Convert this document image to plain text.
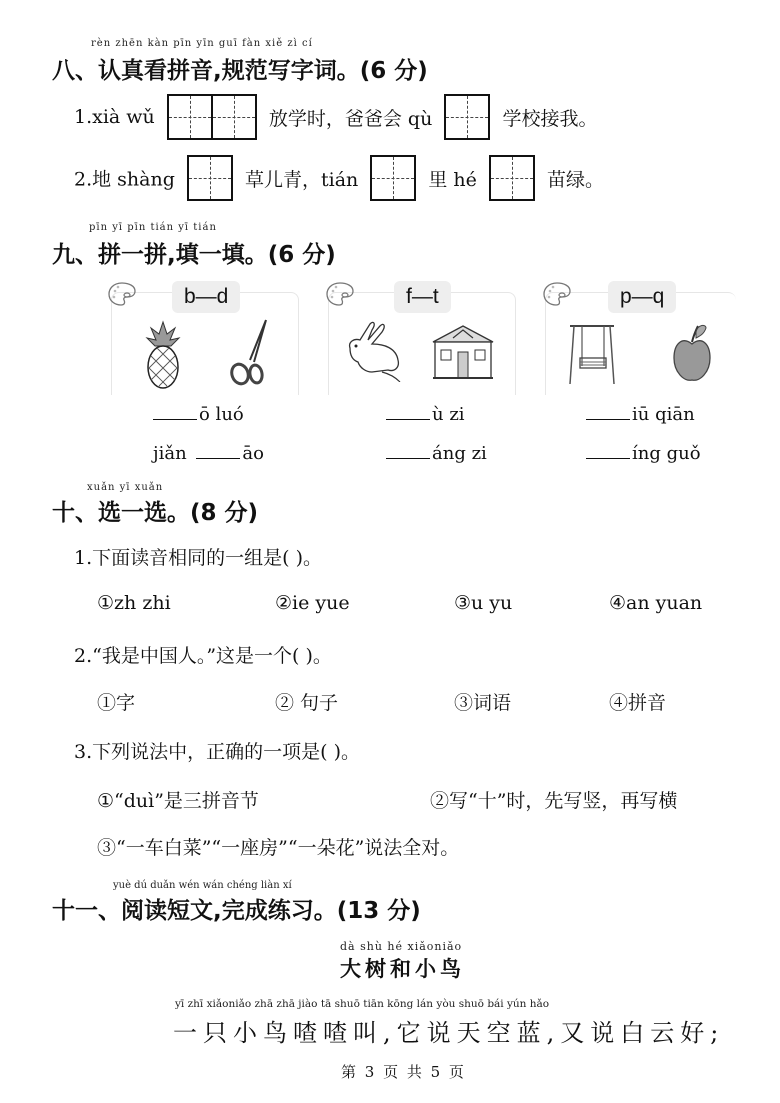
rèn zhēn kàn pīn yīn guī fàn xiě zì cí
八、认真看拼音,规范写字词。(6 分)
1.xià wǔ	放学时，爸爸会 qù	学校接我。
2.地 shàng	草儿青，tián	里 hé	苗绿。
pīn yī pīn tián yī tián
九、拼一拼,填一填。(6 分)
b—d	f—t	p—q
ō luó
jiǎn	āo
ù zi
áng zi
iū qiān
íng guǒ
xuǎn yī xuǎn
十、选一选。(8 分)
1.下面读音相同的一组是( )。
①zh zhi	②ie yue	③u yu	④an yuan
2.“我是中国人。”这是一个( )。
①字	② 句子	③词语	④拼音
3.下列说法中，正确的一项是( )。
①“duì”是三拼音节	②写“十”时，先写竖，再写横
③“一车白菜”“一座房”“一朵花”说法全对。
yuè dú duǎn wén wán chéng liàn xí
十一、阅读短文,完成练习。(13 分)
dà shù hé xiǎoniǎo
大树和小鸟
yī zhī xiǎoniǎo zhā zhā jiào tā shuō tiān kōng lán yòu shuō bái yún hǎo
一只小鸟喳喳叫,它说天空蓝,又说白云好;
第 3 页 共 5 页
